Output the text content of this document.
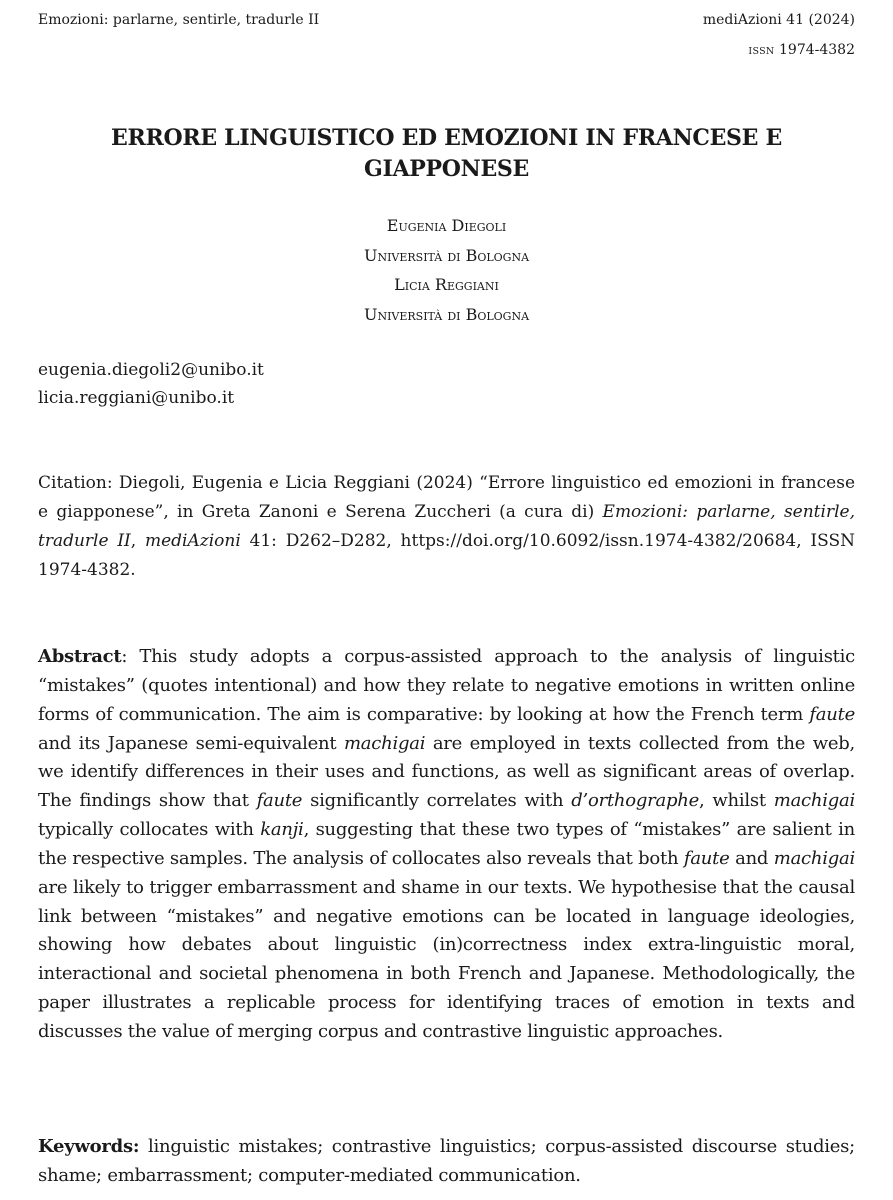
Emozioni: parlarne, sentirle, tradurle II	mediAzioni 41 (2024)
ISSN 1974-4382
ERRORE LINGUISTICO ED EMOZIONI IN FRANCESE E
GIAPPONESE
Eugenia Diegoli
Università di Bologna
Licia Reggiani
Università di Bologna
eugenia.diegoli2@unibo.it
licia.reggiani@unibo.it
Citation: Diegoli, Eugenia e Licia Reggiani (2024) “Errore linguistico ed emozioni in francese e giapponese”, in Greta Zanoni e Serena Zuccheri (a cura di) Emozioni: parlarne, sentirle, tradurle II, mediAzioni 41: D262–D282, https://doi.org/10.6092/issn.1974-4382/20684, ISSN 1974-4382.
Abstract: This study adopts a corpus-assisted approach to the analysis of linguistic “mistakes” (quotes intentional) and how they relate to negative emotions in written online forms of communication. The aim is comparative: by looking at how the French term faute and its Japanese semi-equivalent machigai are employed in texts collected from the web, we identify differences in their uses and functions, as well as significant areas of overlap. The findings show that faute significantly correlates with d’orthographe, whilst machigai typically collocates with kanji, suggesting that these two types of “mistakes” are salient in the respective samples. The analysis of collocates also reveals that both faute and machigai are likely to trigger embarrassment and shame in our texts. We hypothesise that the causal link between “mistakes” and negative emotions can be located in language ideologies, showing how debates about linguistic (in)correctness index extra-linguistic moral, interactional and societal phenomena in both French and Japanese. Methodologically, the paper illustrates a replicable process for identifying traces of emotion in texts and discusses the value of merging corpus and contrastive linguistic approaches.
Keywords: linguistic mistakes; contrastive linguistics; corpus-assisted discourse studies; shame; embarrassment; computer-mediated communication.
